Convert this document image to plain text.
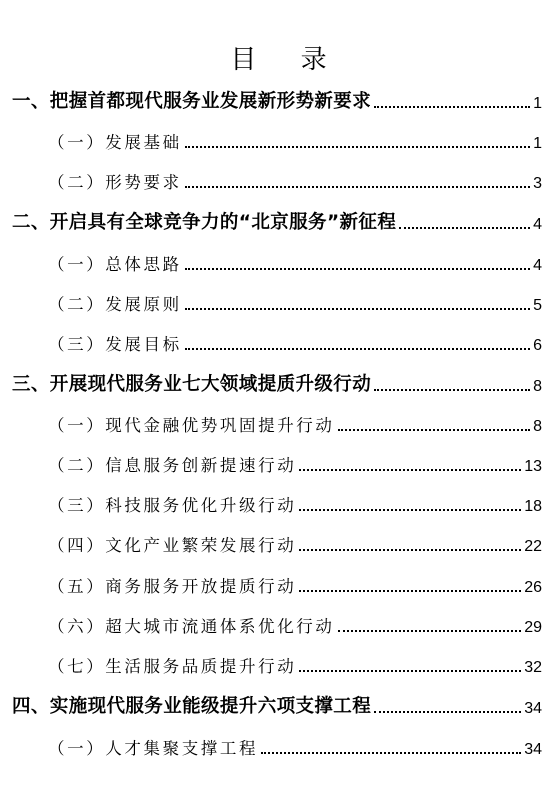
目 录
一、把握首都现代服务业发展新形势新要求	1
（一）发展基础	1
（二）形势要求	3
二、开启具有全球竞争力的“北京服务”新征程	4
（一）总体思路	4
（二）发展原则	5
（三）发展目标	6
三、开展现代服务业七大领域提质升级行动	8
（一）现代金融优势巩固提升行动	8
（二）信息服务创新提速行动	13
（三）科技服务优化升级行动	18
（四）文化产业繁荣发展行动	22
（五）商务服务开放提质行动	26
（六）超大城市流通体系优化行动	29
（七）生活服务品质提升行动	32
四、实施现代服务业能级提升六项支撑工程	34
（一）人才集聚支撑工程	34
